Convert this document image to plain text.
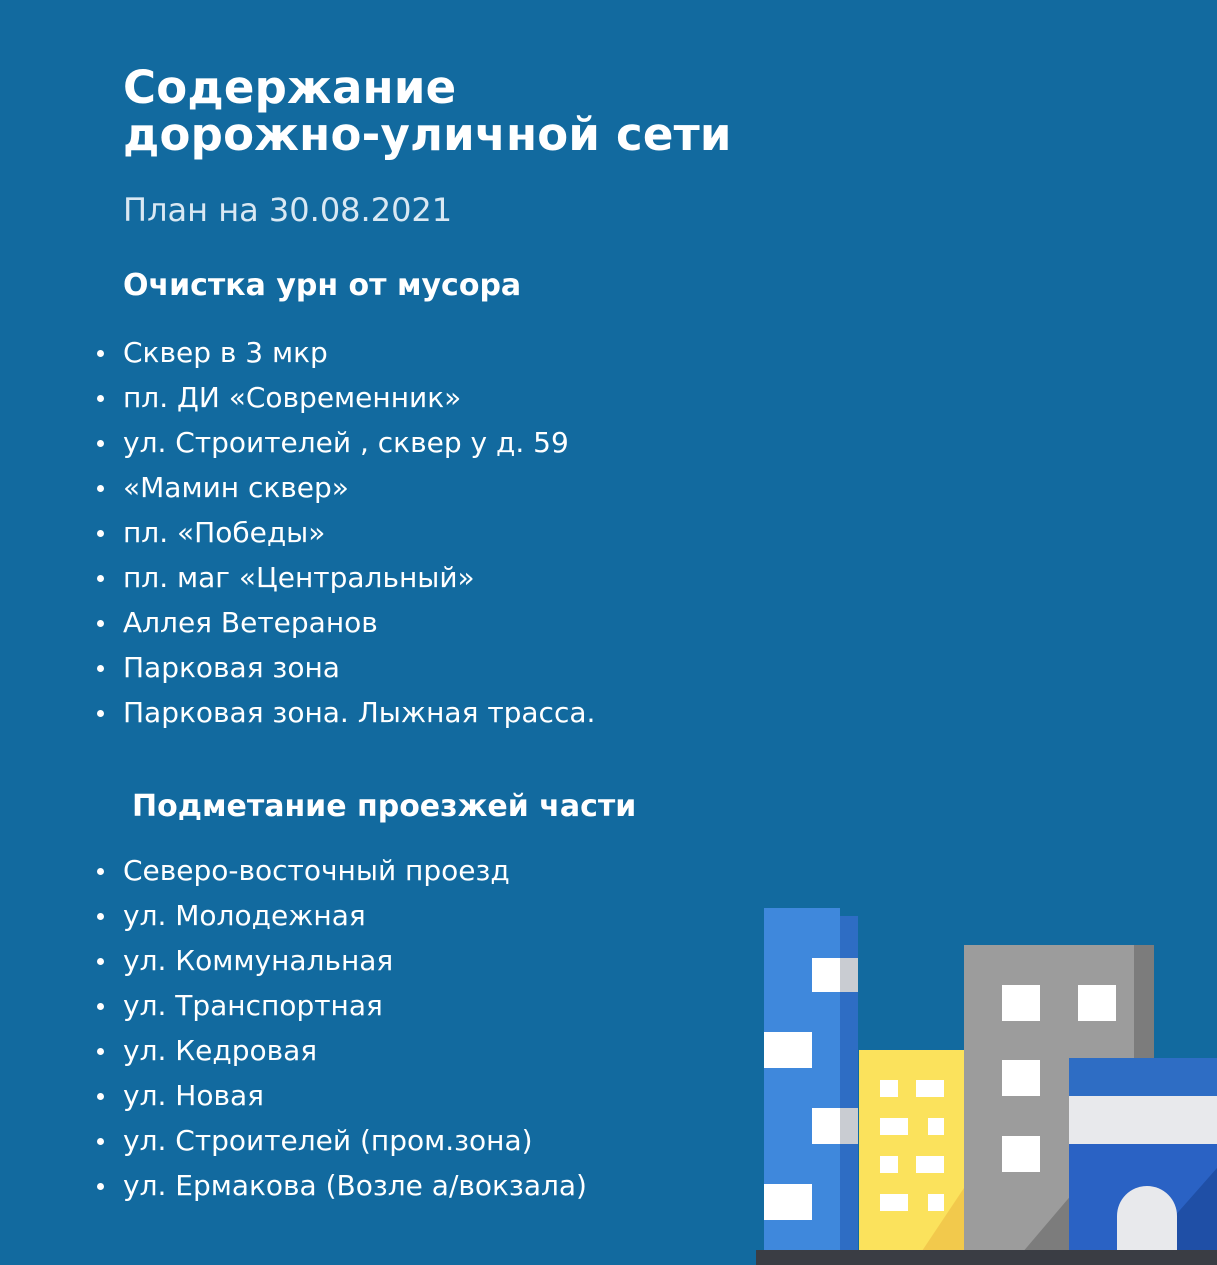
Содержание
дорожно-уличной сети
План на 30.08.2021
Очистка урн от мусора
Сквер в 3 мкр
пл. ДИ «Современник»
ул. Строителей , сквер у д. 59
«Мамин сквер»
пл. «Победы»
пл. маг «Центральный»
Аллея Ветеранов
Парковая зона
Парковая зона. Лыжная трасса.
Подметание проезжей части
Северо-восточный проезд
ул. Молодежная
ул. Коммунальная
ул. Транспортная
ул. Кедровая
ул. Новая
ул. Строителей (пром.зона)
ул. Ермакова (Возле а/вокзала)
